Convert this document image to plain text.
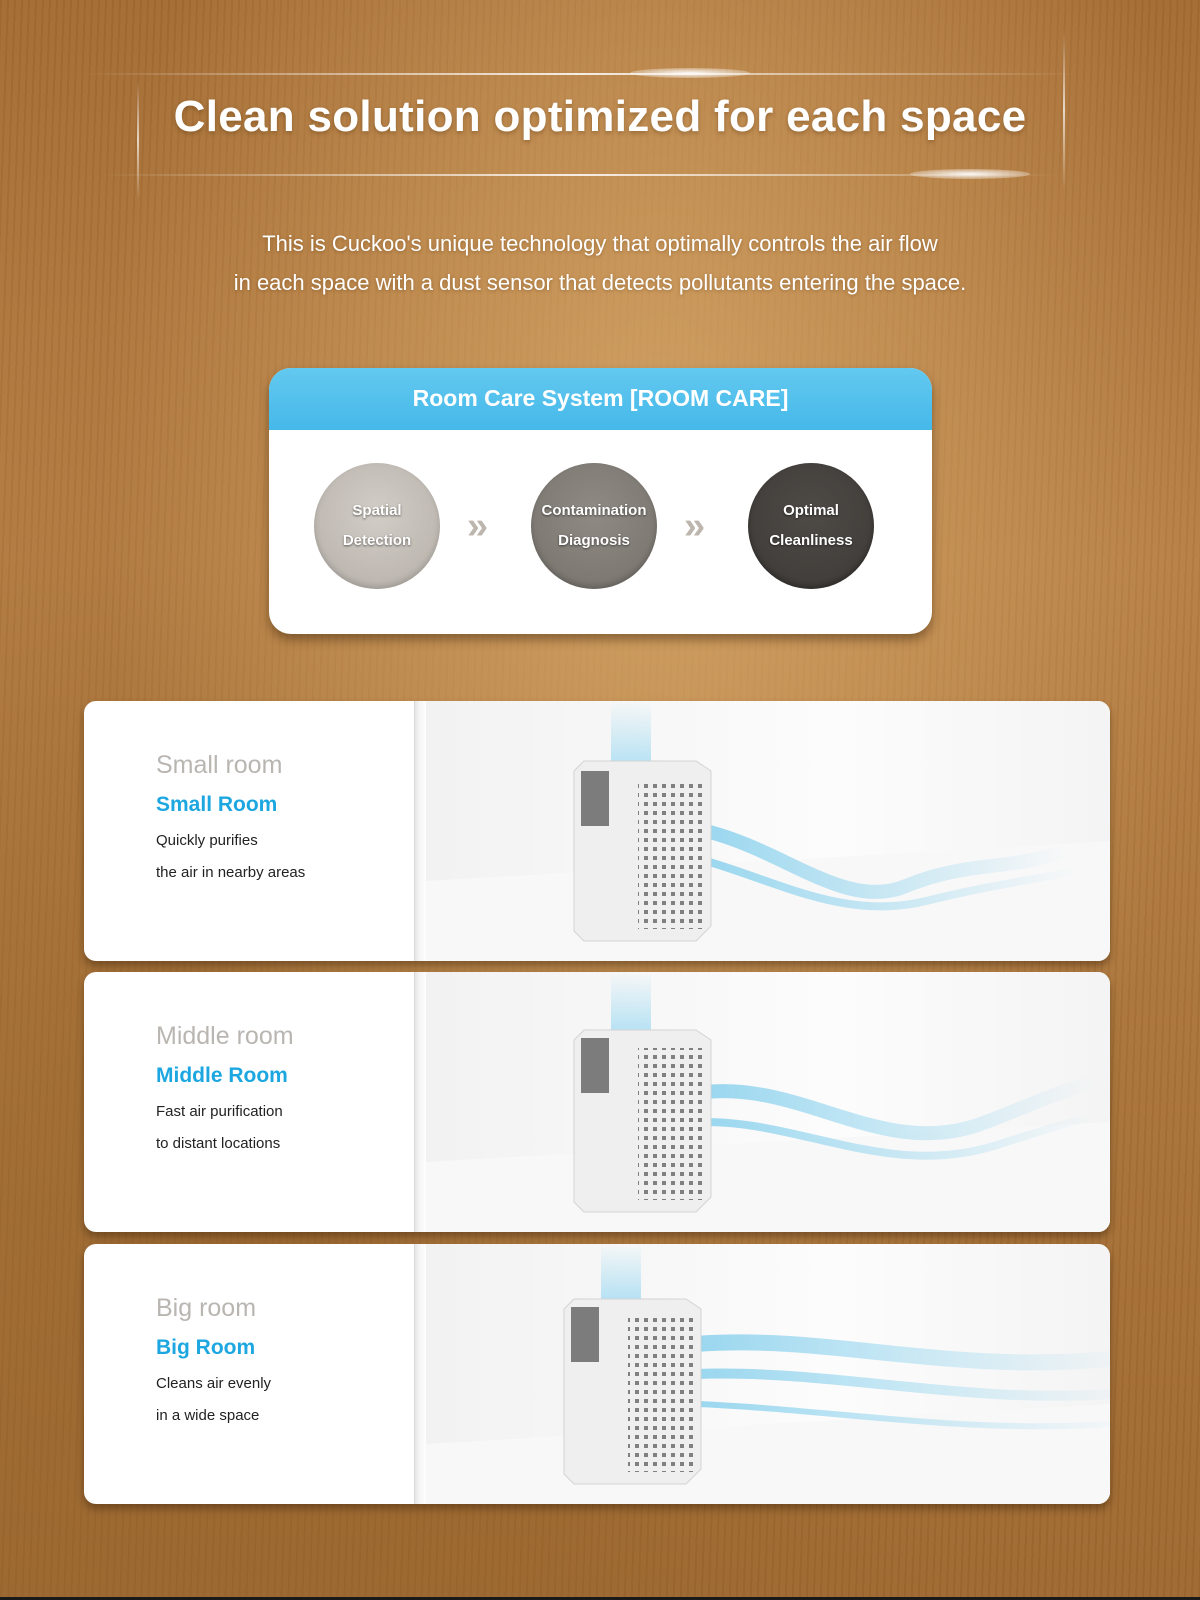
Clean solution optimized for each space
This is Cuckoo's unique technology that optimally controls the air flow
in each space with a dust sensor that detects pollutants entering the space.
Room Care System [ROOM CARE]
Spatial
Detection »	Contamination
Diagnosis »	Optimal
Cleanliness
Small room
Small Room
Quickly purifies
the air in nearby areas
Middle room
Middle Room
Fast air purification
to distant locations
Big room
Big Room
Cleans air evenly
in a wide space
